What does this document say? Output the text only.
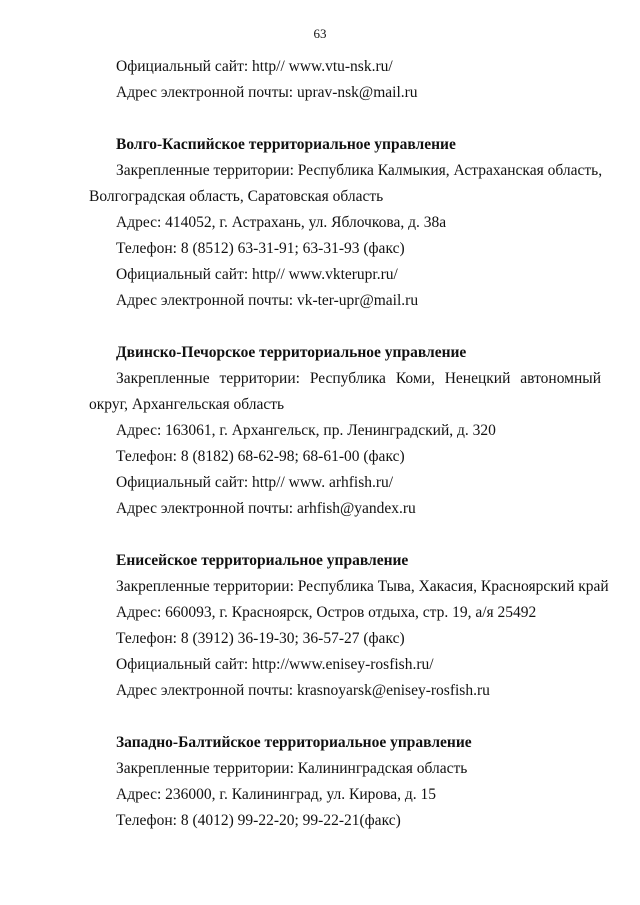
63
Официальный сайт: http// www.vtu-nsk.ru/
Адрес электронной почты: uprav-nsk@mail.ru
Волго-Каспийское территориальное управление
Закрепленные территории: Республика Калмыкия, Астраханская область,
Волгоградская область, Саратовская область
Адрес: 414052, г. Астрахань, ул. Яблочкова, д. 38а
Телефон: 8 (8512) 63-31-91; 63-31-93 (факс)
Официальный сайт: http// www.vkterupr.ru/
Адрес электронной почты: vk-ter-upr@mail.ru
Двинско-Печорское территориальное управление
Закрепленные территории: Республика Коми, Ненецкий автономный
округ, Архангельская область
Адрес: 163061, г. Архангельск, пр. Ленинградский, д. 320
Телефон: 8 (8182) 68-62-98; 68-61-00 (факс)
Официальный сайт: http// www. arhfish.ru/
Адрес электронной почты: arhfish@yandex.ru
Енисейское территориальное управление
Закрепленные территории: Республика Тыва, Хакасия, Красноярский край
Адрес: 660093, г. Красноярск, Остров отдыха, стр. 19, а/я 25492
Телефон: 8 (3912) 36-19-30; 36-57-27 (факс)
Официальный сайт: http://www.enisey-rosfish.ru/
Адрес электронной почты: krasnoyarsk@enisey-rosfish.ru
Западно-Балтийское территориальное управление
Закрепленные территории: Калининградская область
Адрес: 236000, г. Калининград, ул. Кирова, д. 15
Телефон: 8 (4012) 99-22-20; 99-22-21(факс)
